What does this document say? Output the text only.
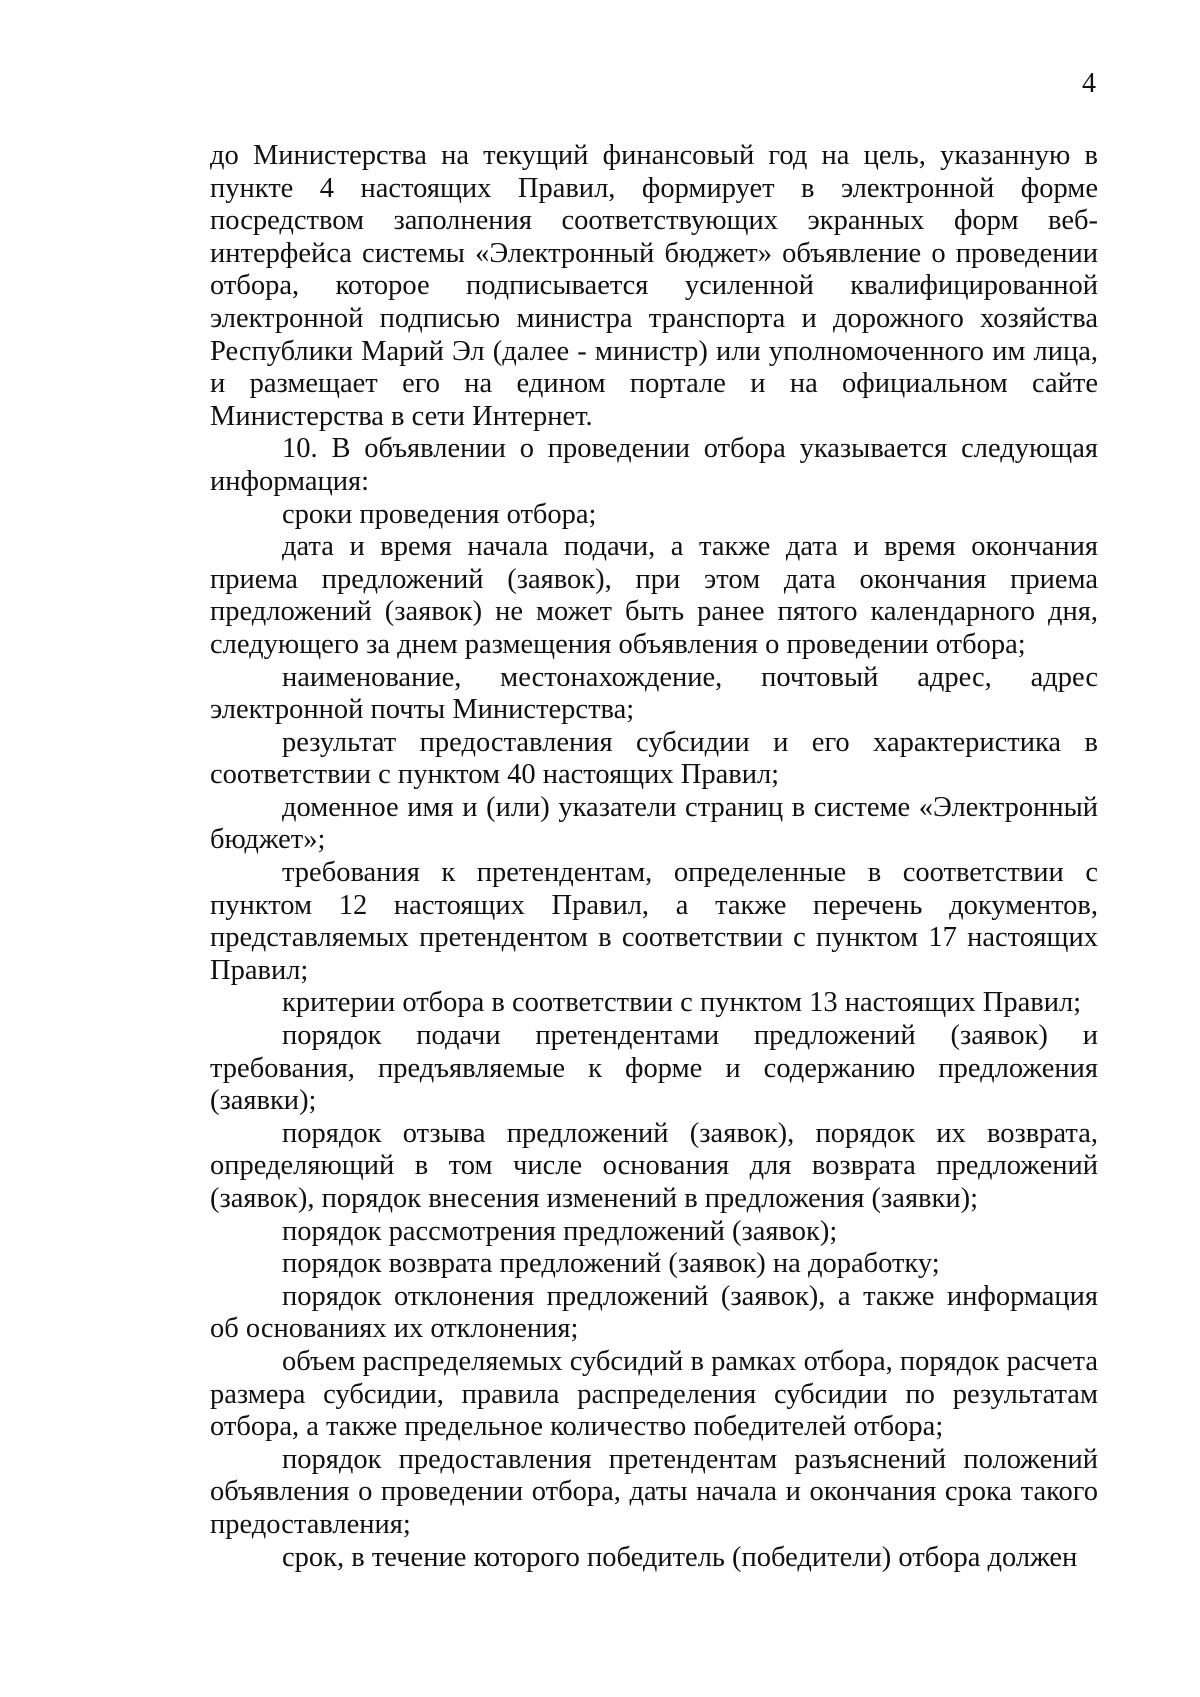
4

до Министерства на текущий финансовый год на цель, указанную в пункте 4 настоящих Правил, формирует в электронной форме посредством заполнения соответствующих экранных форм веб-интерфейса системы «Электронный бюджет» объявление о проведении отбора, которое подписывается усиленной квалифицированной электронной подписью министра транспорта и дорожного хозяйства Республики Марий Эл (далее - министр) или уполномоченного им лица, и размещает его на едином портале и на официальном сайте Министерства в сети Интернет.

10. В объявлении о проведении отбора указывается следующая информация:

сроки проведения отбора;

дата и время начала подачи, а также дата и время окончания приема предложений (заявок), при этом дата окончания приема предложений (заявок) не может быть ранее пятого календарного дня, следующего за днем размещения объявления о проведении отбора;

наименование, местонахождение, почтовый адрес, адрес электронной почты Министерства;

результат предоставления субсидии и его характеристика в соответствии с пунктом 40 настоящих Правил;

доменное имя и (или) указатели страниц в системе «Электронный бюджет»;

требования к претендентам, определенные в соответствии с пунктом 12 настоящих Правил, а также перечень документов, представляемых претендентом в соответствии с пунктом 17 настоящих Правил;

критерии отбора в соответствии с пунктом 13 настоящих Правил;

порядок подачи претендентами предложений (заявок) и требования, предъявляемые к форме и содержанию предложения (заявки);

порядок отзыва предложений (заявок), порядок их возврата, определяющий в том числе основания для возврата предложений (заявок), порядок внесения изменений в предложения (заявки);

порядок рассмотрения предложений (заявок);

порядок возврата предложений (заявок) на доработку;

порядок отклонения предложений (заявок), а также информация об основаниях их отклонения;

объем распределяемых субсидий в рамках отбора, порядок расчета размера субсидии, правила распределения субсидии по результатам отбора, а также предельное количество победителей отбора;

порядок предоставления претендентам разъяснений положений объявления о проведении отбора, даты начала и окончания срока такого предоставления;

срок, в течение которого победитель (победители) отбора должен
